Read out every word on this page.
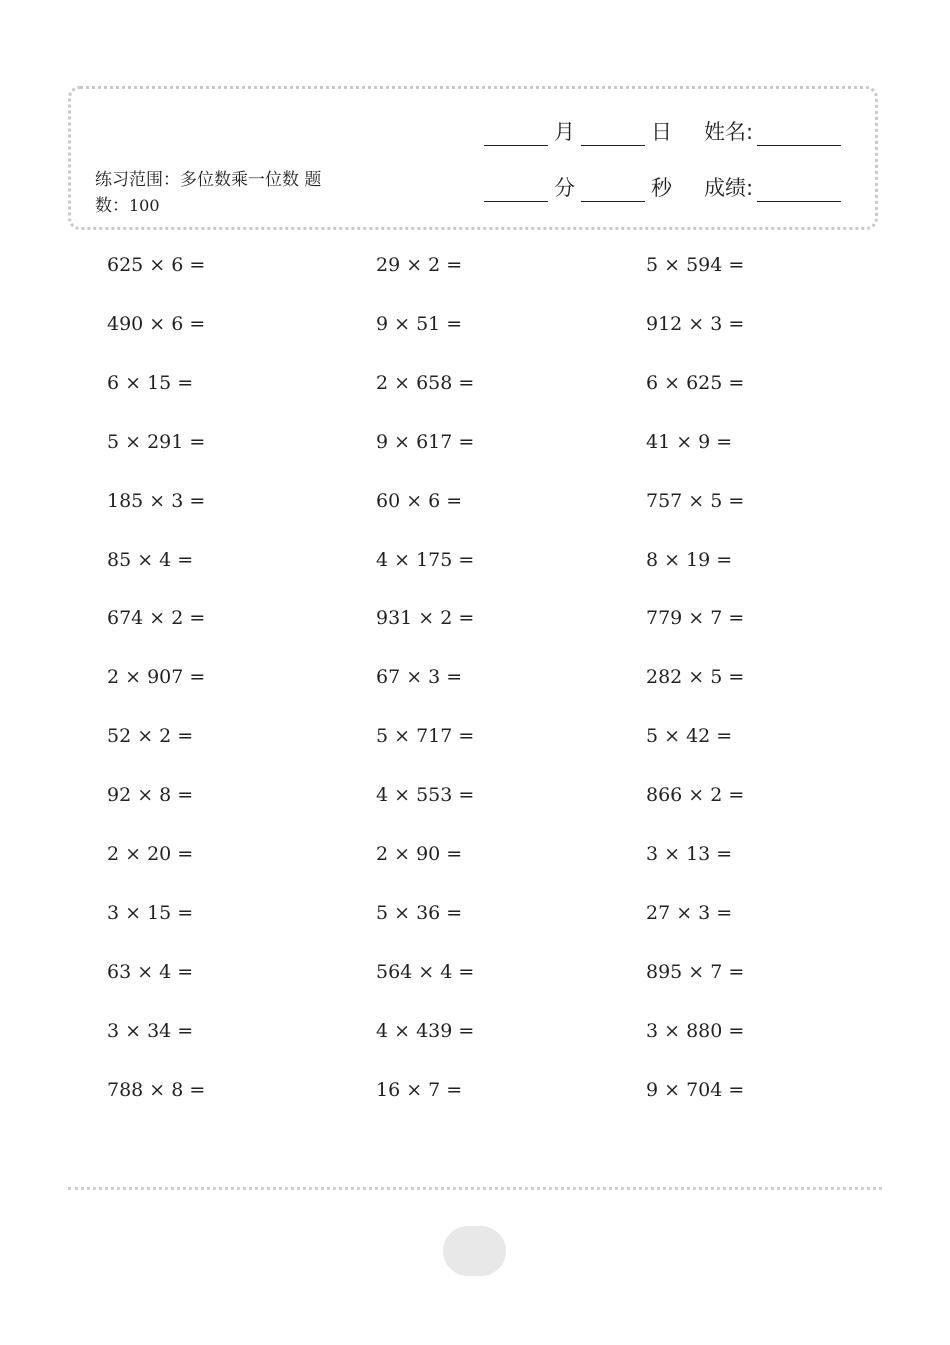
练习范围：多位数乘一位数 题
数：100
月	日 姓名:
分	秒 成绩:
625 × 6 =	29 × 2 =	5 × 594 =
490 × 6 =	9 × 51 =	912 × 3 =
6 × 15 =	2 × 658 =	6 × 625 =
5 × 291 =	9 × 617 =	41 × 9 =
185 × 3 =	60 × 6 =	757 × 5 =
85 × 4 =	4 × 175 =	8 × 19 =
674 × 2 =	931 × 2 =	779 × 7 =
2 × 907 =	67 × 3 =	282 × 5 =
52 × 2 =	5 × 717 =	5 × 42 =
92 × 8 =	4 × 553 =	866 × 2 =
2 × 20 =	2 × 90 =	3 × 13 =
3 × 15 =	5 × 36 =	27 × 3 =
63 × 4 =	564 × 4 =	895 × 7 =
3 × 34 =	4 × 439 =	3 × 880 =
788 × 8 =	16 × 7 =	9 × 704 =
